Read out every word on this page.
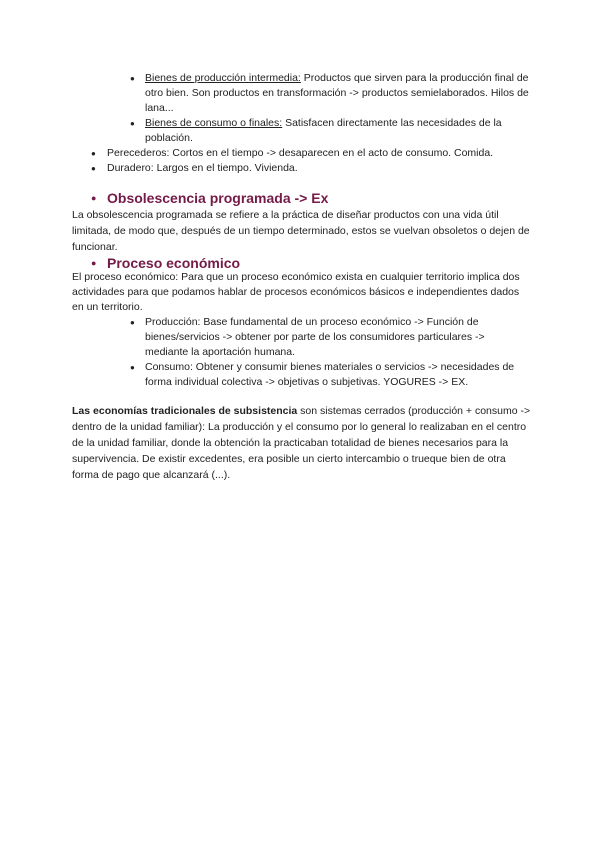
● Bienes de producción intermedia: Productos que sirven para la producción final de otro bien. Son productos en transformación -> productos semielaborados. Hilos de lana...

● Bienes de consumo o finales: Satisfacen directamente las necesidades de la población.

● Perecederos: Cortos en el tiempo -> desaparecen en el acto de consumo. Comida.

● Duradero: Largos en el tiempo. Vivienda.

● Obsolescencia programada -> Ex

La obsolescencia programada se refiere a la práctica de diseñar productos con una vida útil limitada, de modo que, después de un tiempo determinado, estos se vuelvan obsoletos o dejen de funcionar.

● Proceso económico

El proceso económico: Para que un proceso económico exista en cualquier territorio implica dos actividades para que podamos hablar de procesos económicos básicos e independientes dados en un territorio.

● Producción: Base fundamental de un proceso económico -> Función de bienes/servicios -> obtener por parte de los consumidores particulares -> mediante la aportación humana.

● Consumo: Obtener y consumir bienes materiales o servicios -> necesidades de forma individual colectiva -> objetivas o subjetivas. YOGURES -> EX.

Las economías tradicionales de subsistencia son sistemas cerrados (producción + consumo -> dentro de la unidad familiar): La producción y el consumo por lo general lo realizaban en el centro de la unidad familiar, donde la obtención la practicaban totalidad de bienes necesarios para la supervivencia. De existir excedentes, era posible un cierto intercambio o trueque bien de otra forma de pago que alcanzará (...).
